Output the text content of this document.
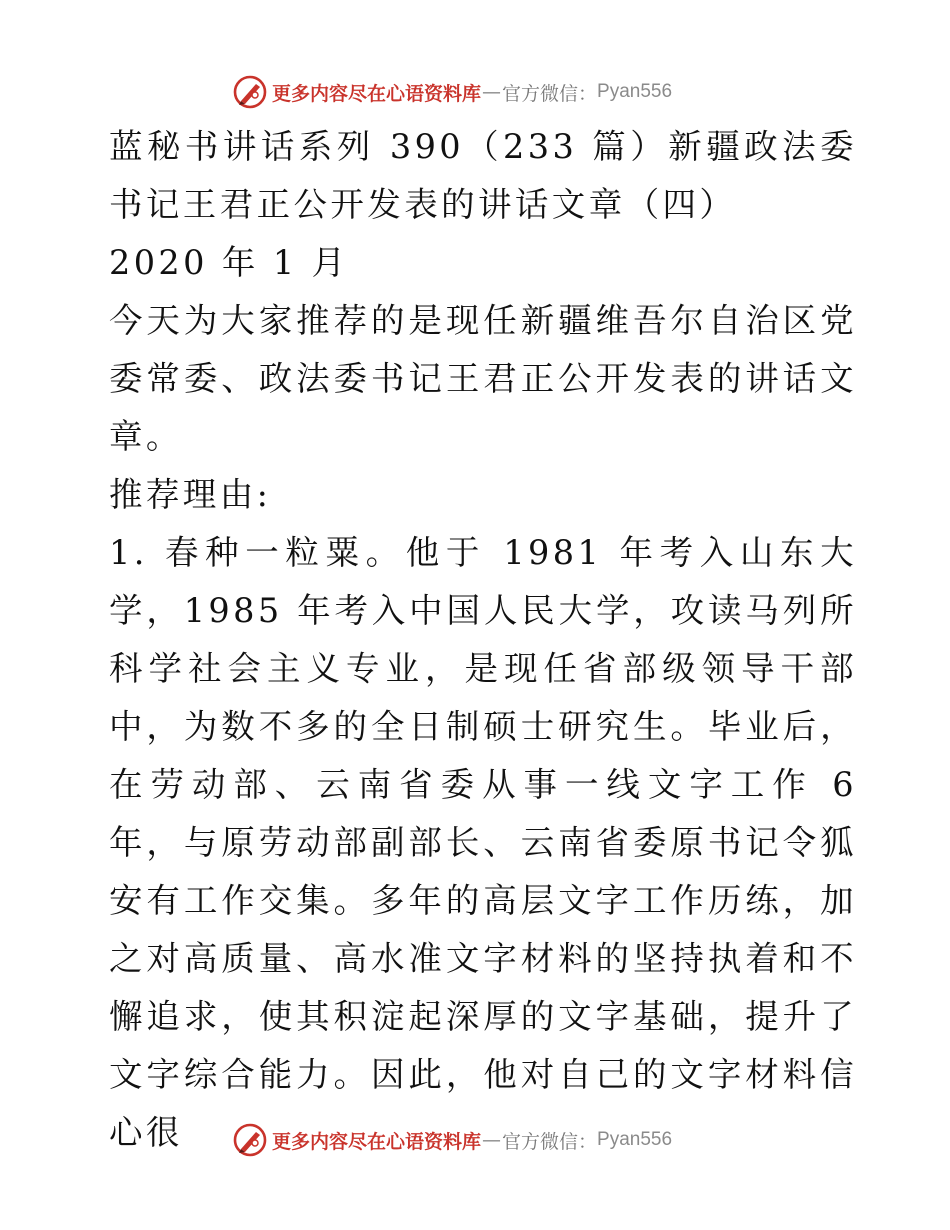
更多内容尽在心语资料库 — 官方微信： Pyan556

蓝秘书讲话系列 390（233 篇）新疆政法委书记王君正公开发表的讲话文章（四）

2020 年 1 月

今天为大家推荐的是现任新疆维吾尔自治区党委常委、政法委书记王君正公开发表的讲话文章。

推荐理由:

1. 春种一粒粟。他于 1981 年考入山东大学，1985 年考入中国人民大学，攻读马列所科学社会主义专业，是现任省部级领导干部中，为数不多的全日制硕士研究生。毕业后，在劳动部、云南省委从事一线文字工作 6 年，与原劳动部副部长、云南省委原书记令狐安有工作交集。多年的高层文字工作历练，加之对高质量、高水准文字材料的坚持执着和不懈追求，使其积淀起深厚的文字基础，提升了文字综合能力。因此，他对自己的文字材料信心很	更多内容尽在心语资料库 — 官方微信： Pyan556
